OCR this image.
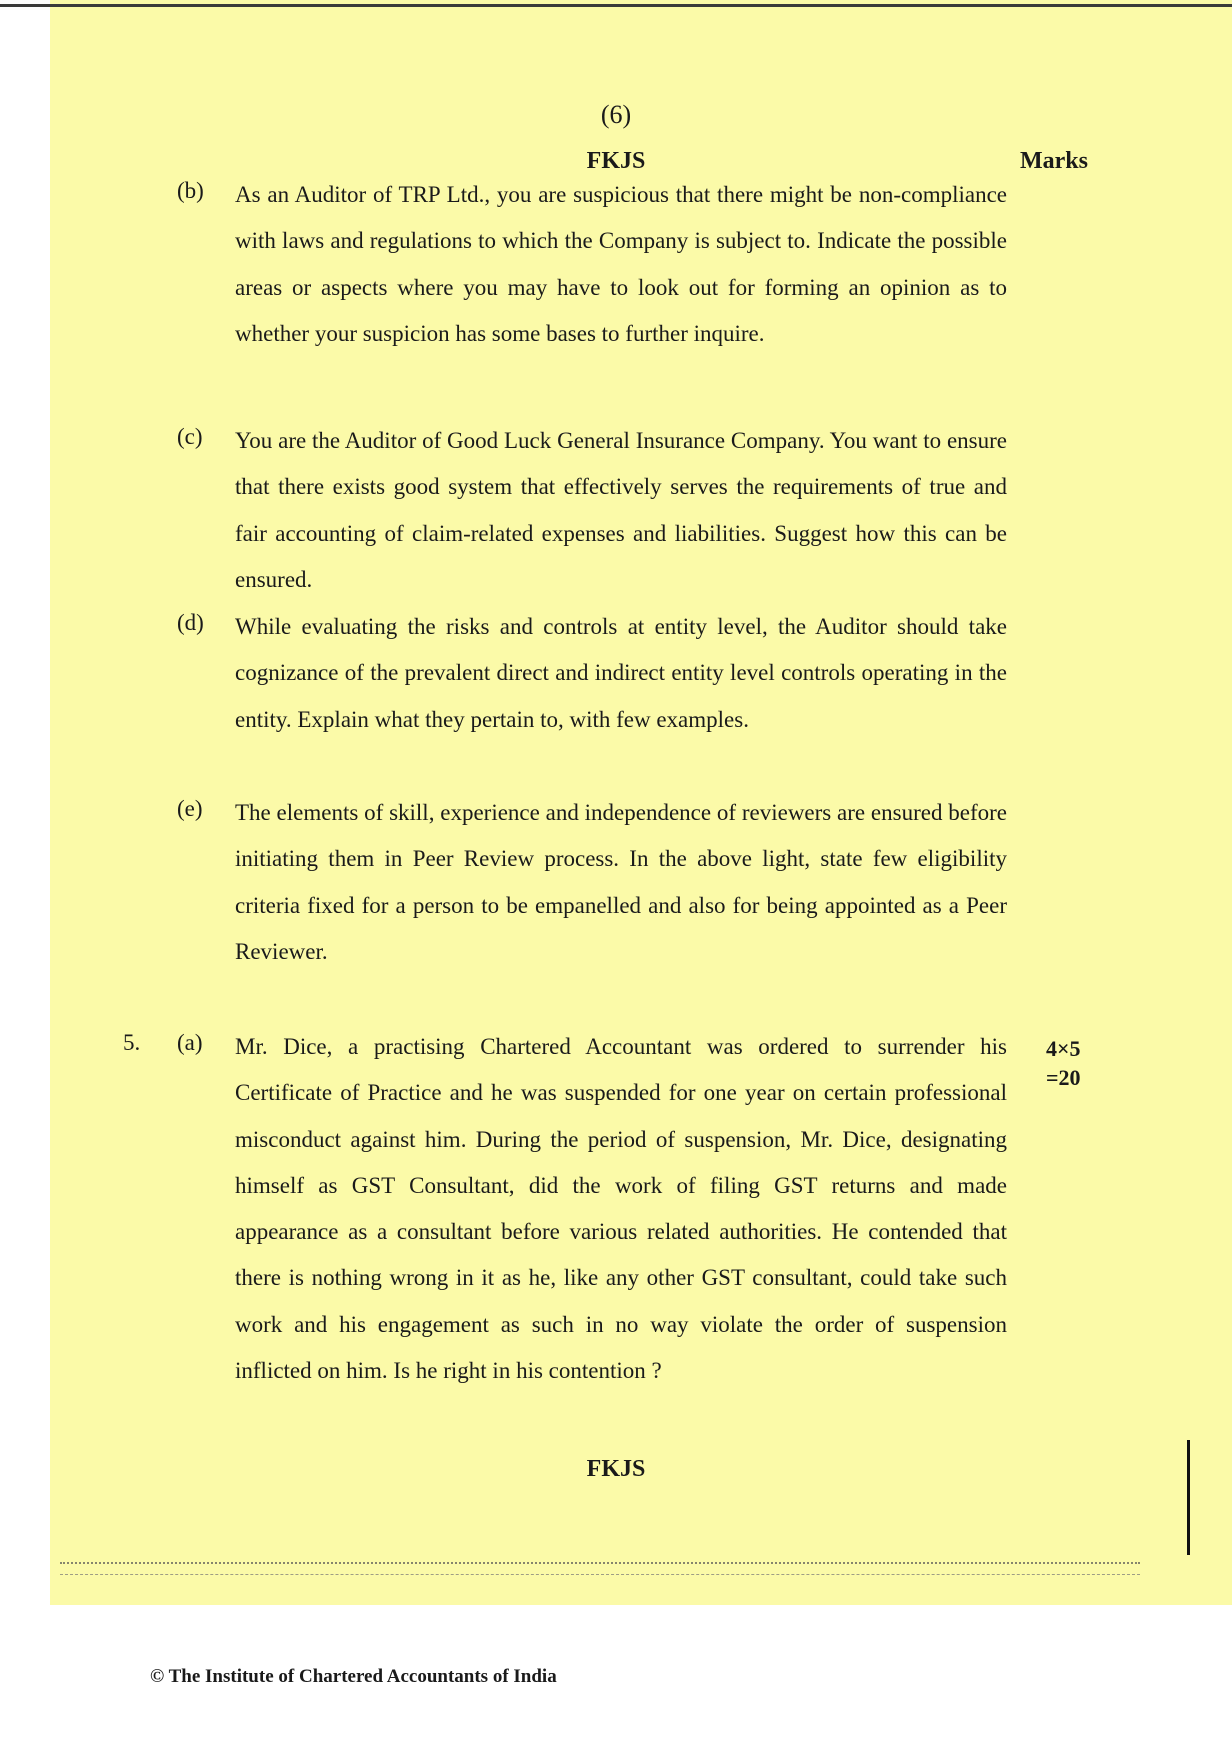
(6)
FKJS	Marks
(b) As an Auditor of TRP Ltd., you are suspicious that there might be non-compliance with laws and regulations to which the Company is subject to. Indicate the possible areas or aspects where you may have to look out for forming an opinion as to whether your suspicion has some bases to further inquire.

(c) You are the Auditor of Good Luck General Insurance Company. You want to ensure that there exists good system that effectively serves the requirements of true and fair accounting of claim-related expenses and liabilities. Suggest how this can be ensured.

(d) While evaluating the risks and controls at entity level, the Auditor should take cognizance of the prevalent direct and indirect entity level controls operating in the entity. Explain what they pertain to, with few examples.

(e) The elements of skill, experience and independence of reviewers are ensured before initiating them in Peer Review process. In the above light, state few eligibility criteria fixed for a person to be empanelled and also for being appointed as a Peer Reviewer.

5. (a) Mr. Dice, a practising Chartered Accountant was ordered to surrender his Certificate of Practice and he was suspended for one year on certain professional misconduct against him. During the period of suspension, Mr. Dice, designating himself as GST Consultant, did the work of filing GST returns and made appearance as a consultant before various related authorities. He contended that there is nothing wrong in it as he, like any other GST consultant, could take such work and his engagement as such in no way violate the order of suspension inflicted on him. Is he right in his contention ?

4×5
=20
FKJS
© The Institute of Chartered Accountants of India
